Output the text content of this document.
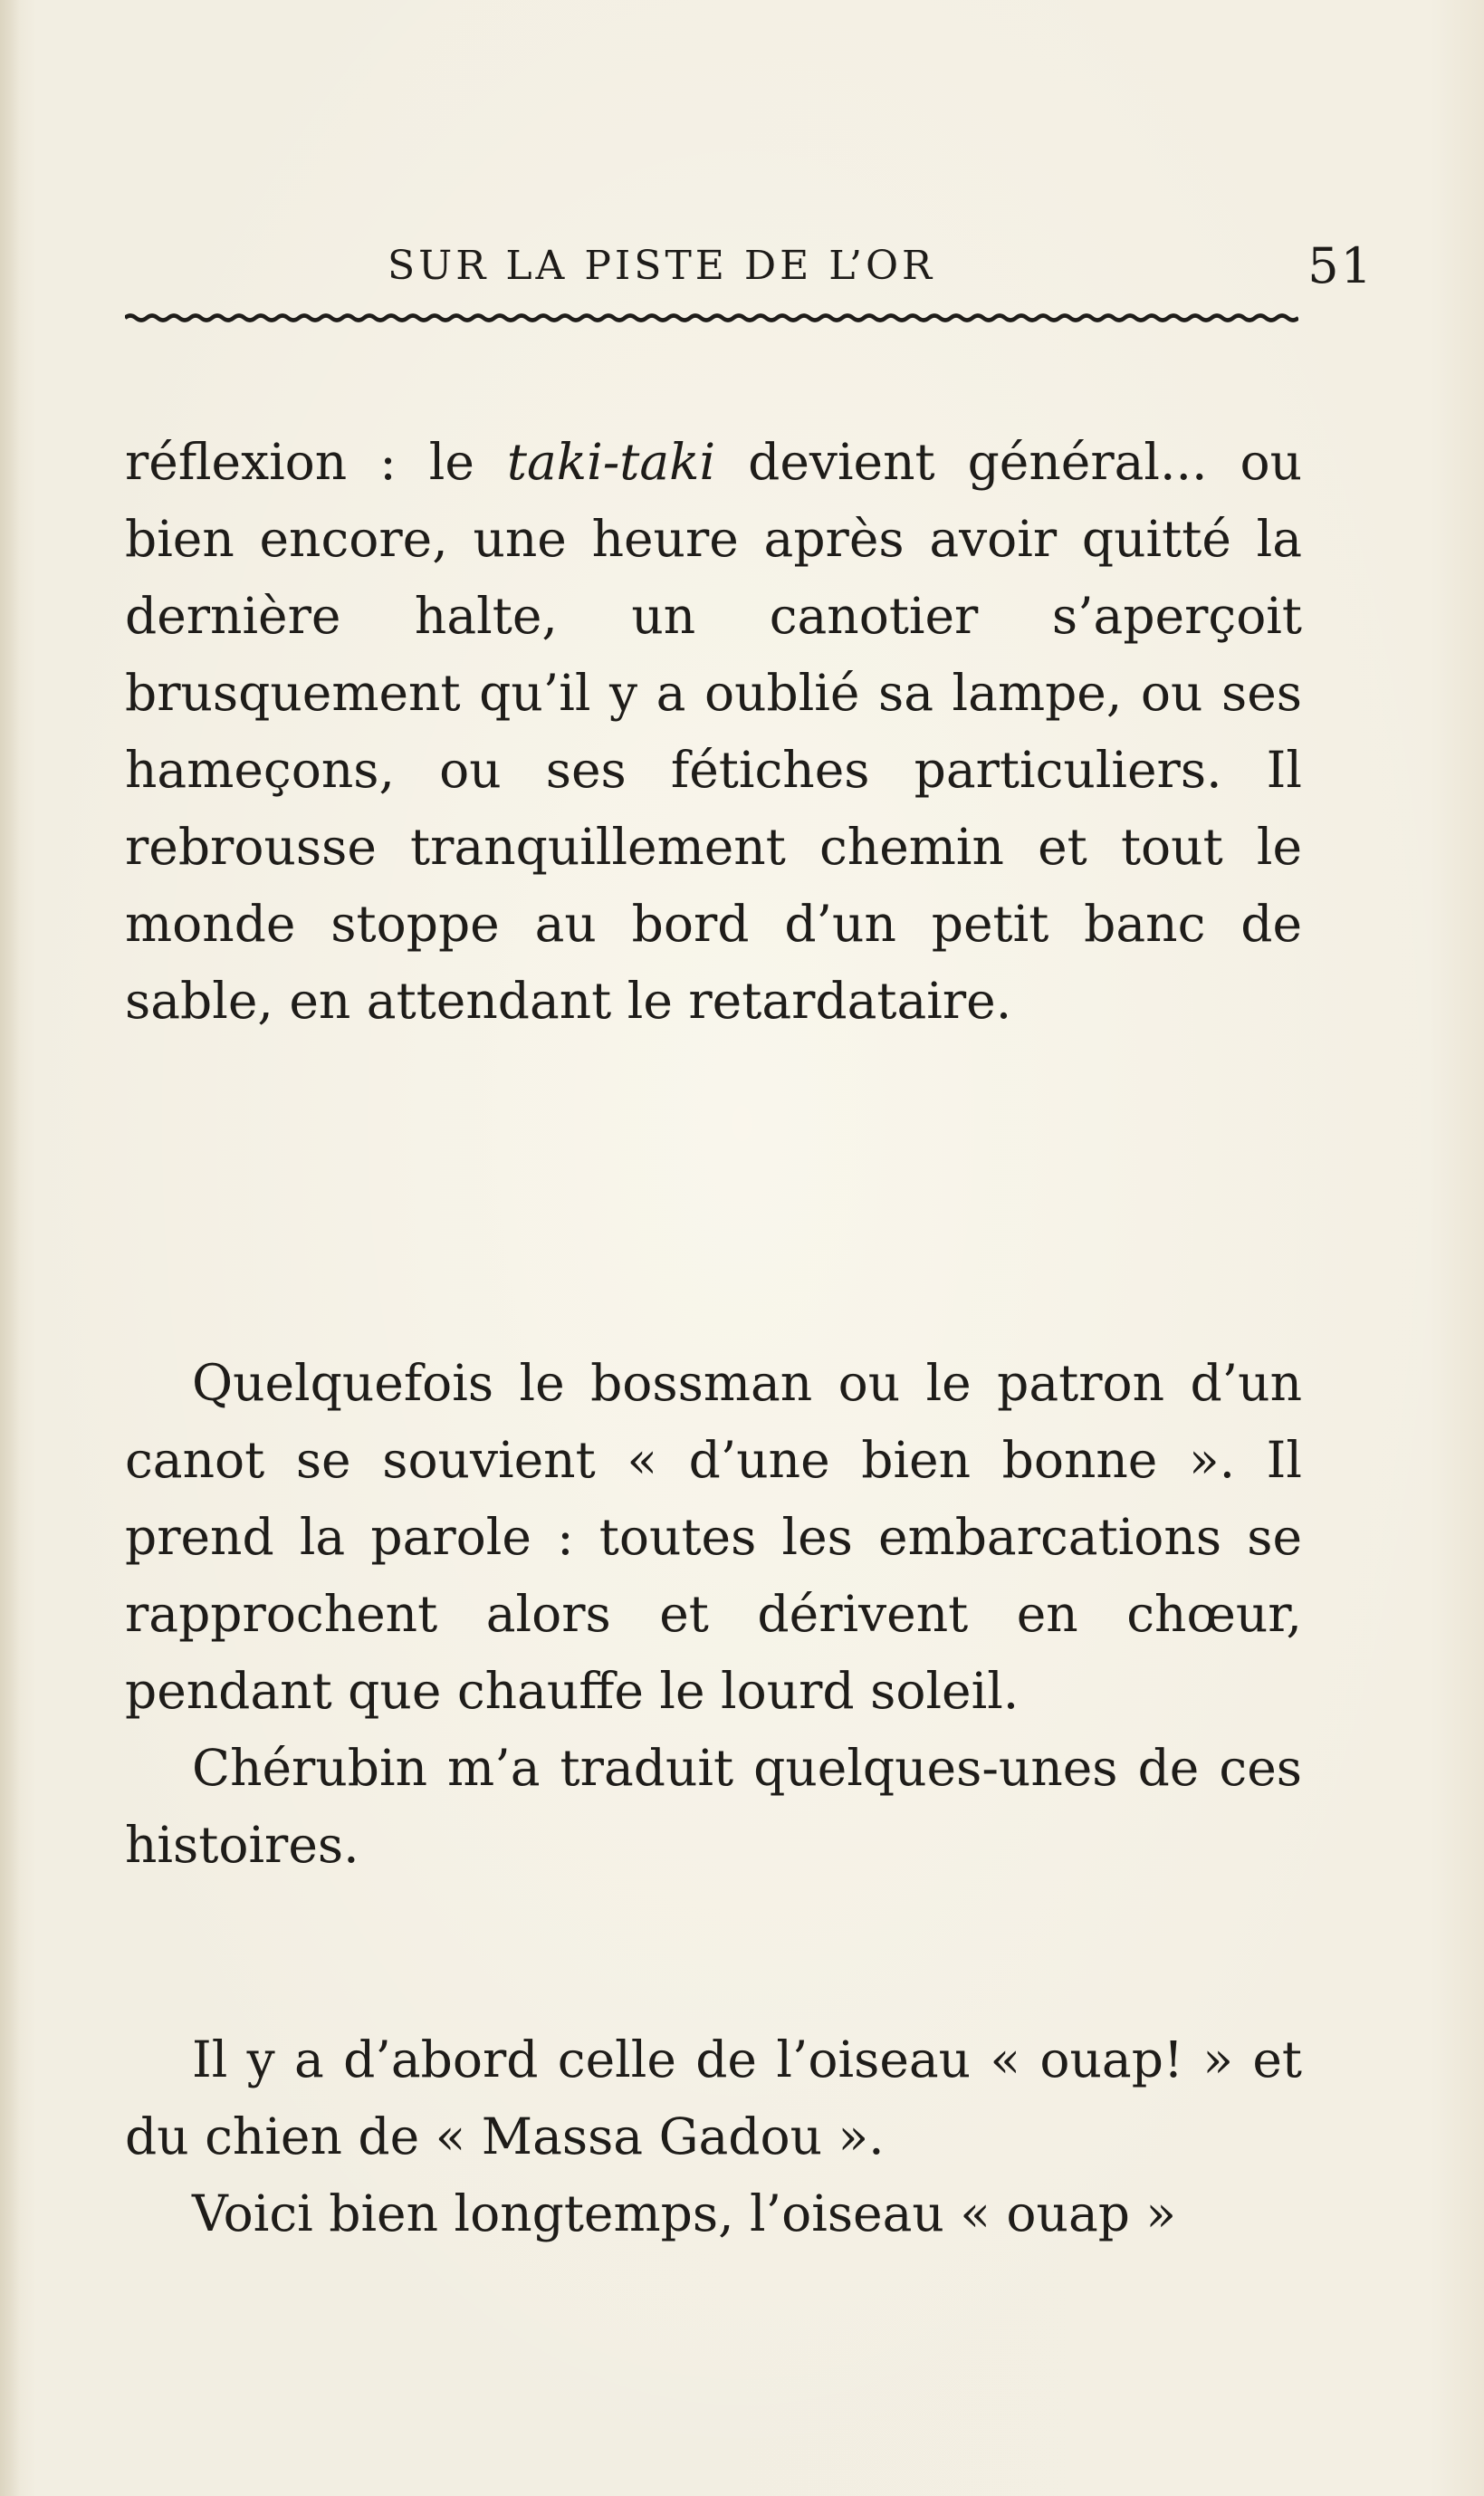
SUR LA PISTE DE L’OR	51

réflexion : le taki-taki devient général... ou bien encore, une heure après avoir quitté la dernière halte, un canotier s’aperçoit brusquement qu’il y a oublié sa lampe, ou ses hameçons, ou ses fétiches particuliers. Il rebrousse tranquillement chemin et tout le monde stoppe au bord d’un petit banc de sable, en attendant le retardataire.

Quelquefois le bossman ou le patron d’un canot se souvient « d’une bien bonne ». Il prend la parole : toutes les embarcations se rapprochent alors et dérivent en chœur, pendant que chauffe le lourd soleil.

Chérubin m’a traduit quelques-unes de ces histoires.

Il y a d’abord celle de l’oiseau « ouap! » et du chien de « Massa Gadou ».

Voici bien longtemps, l’oiseau « ouap »
